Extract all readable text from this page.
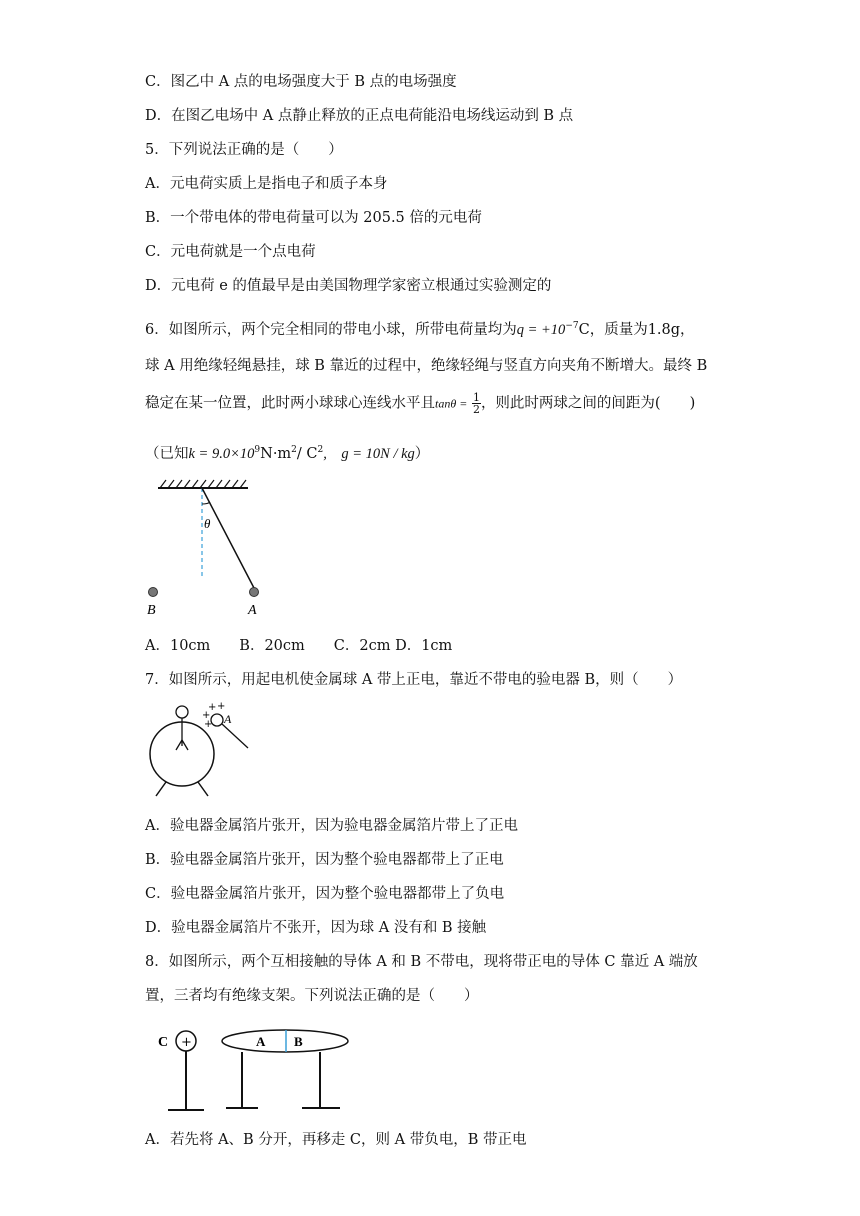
C．图乙中 A 点的电场强度大于 B 点的电场强度
D．在图乙电场中 A 点静止释放的正点电荷能沿电场线运动到 B 点
5．下列说法正确的是（　　）
A．元电荷实质上是指电子和质子本身
B．一个带电体的带电荷量可以为 205.5 倍的元电荷
C．元电荷就是一个点电荷
D．元电荷 e 的值最早是由美国物理学家密立根通过实验测定的
6．如图所示，两个完全相同的带电小球，所带电荷量均为$q = +10^{-7}C$，质量为1.8g，
球 A 用绝缘轻绳悬挂，球 B 靠近的过程中，绝缘轻绳与竖直方向夹角不断增大。最终 B
稳定在某一位置，此时两小球球心连线水平且$\tan\theta = \frac{1}{2}$ ，则此时两球之间的间距为(　　)
（已知$k = 9.0\times 10^9N\cdot m^2/$ $C^2$,　g = 10N / kg）
θ
B	A
A．10cm　　B．20cm　　C．2cm D．1cm
7．如图所示，用起电机使金属球 A 带上正电，靠近不带电的验电器 B，则（　　）
A
+
+ +
+
A．验电器金属箔片张开，因为验电器金属箔片带上了正电
B．验电器金属箔片张开，因为整个验电器都带上了正电
C．验电器金属箔片张开，因为整个验电器都带上了负电
D．验电器金属箔片不张开，因为球 A 没有和 B 接触
8．如图所示，两个互相接触的导体 A 和 B 不带电，现将带正电的导体 C 靠近 A 端放
置，三者均有绝缘支架。下列说法正确的是（　　）
C +	A B
A．若先将 A、B 分开，再移走 C，则 A 带负电，B 带正电
